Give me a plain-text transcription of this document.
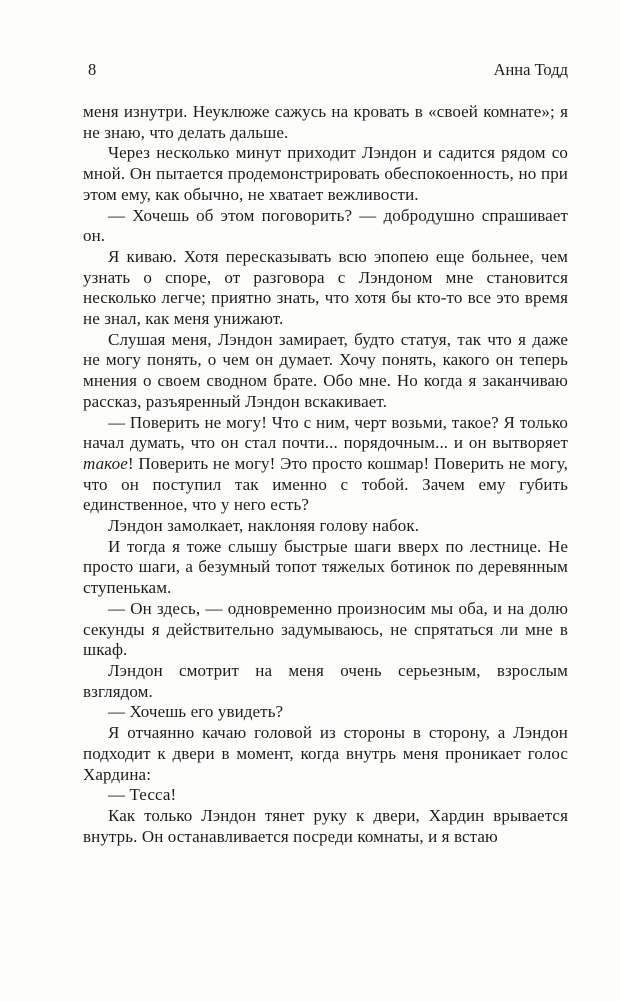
8	Анна Тодд

меня изнутри. Неуклюже сажусь на кровать в «своей комнате»; я не знаю, что делать дальше.

Через несколько минут приходит Лэндон и садится рядом со мной. Он пытается продемонстрировать обеспокоенность, но при этом ему, как обычно, не хватает вежливости.

— Хочешь об этом поговорить? — добродушно спрашивает он.

Я киваю. Хотя пересказывать всю эпопею еще больнее, чем узнать о споре, от разговора с Лэндоном мне становится несколько легче; приятно знать, что хотя бы кто-то все это время не знал, как меня унижают.

Слушая меня, Лэндон замирает, будто статуя, так что я даже не могу понять, о чем он думает. Хочу понять, какого он теперь мнения о своем сводном брате. Обо мне. Но когда я заканчиваю рассказ, разъяренный Лэндон вскакивает.

— Поверить не могу! Что с ним, черт возьми, такое? Я только начал думать, что он стал почти... порядочным... и он вытворяет такое! Поверить не могу! Это просто кошмар! Поверить не могу, что он поступил так именно с тобой. Зачем ему губить единственное, что у него есть?

Лэндон замолкает, наклоняя голову набок.

И тогда я тоже слышу быстрые шаги вверх по лестнице. Не просто шаги, а безумный топот тяжелых ботинок по деревянным ступенькам.

— Он здесь, — одновременно произносим мы оба, и на долю секунды я действительно задумываюсь, не спрятаться ли мне в шкаф.

Лэндон смотрит на меня очень серьезным, взрослым взглядом.

— Хочешь его увидеть?

Я отчаянно качаю головой из стороны в сторону, а Лэндон подходит к двери в момент, когда внутрь меня проникает голос Хардина:

— Тесса!

Как только Лэндон тянет руку к двери, Хардин врывается внутрь. Он останавливается посреди комнаты, и я встаю
